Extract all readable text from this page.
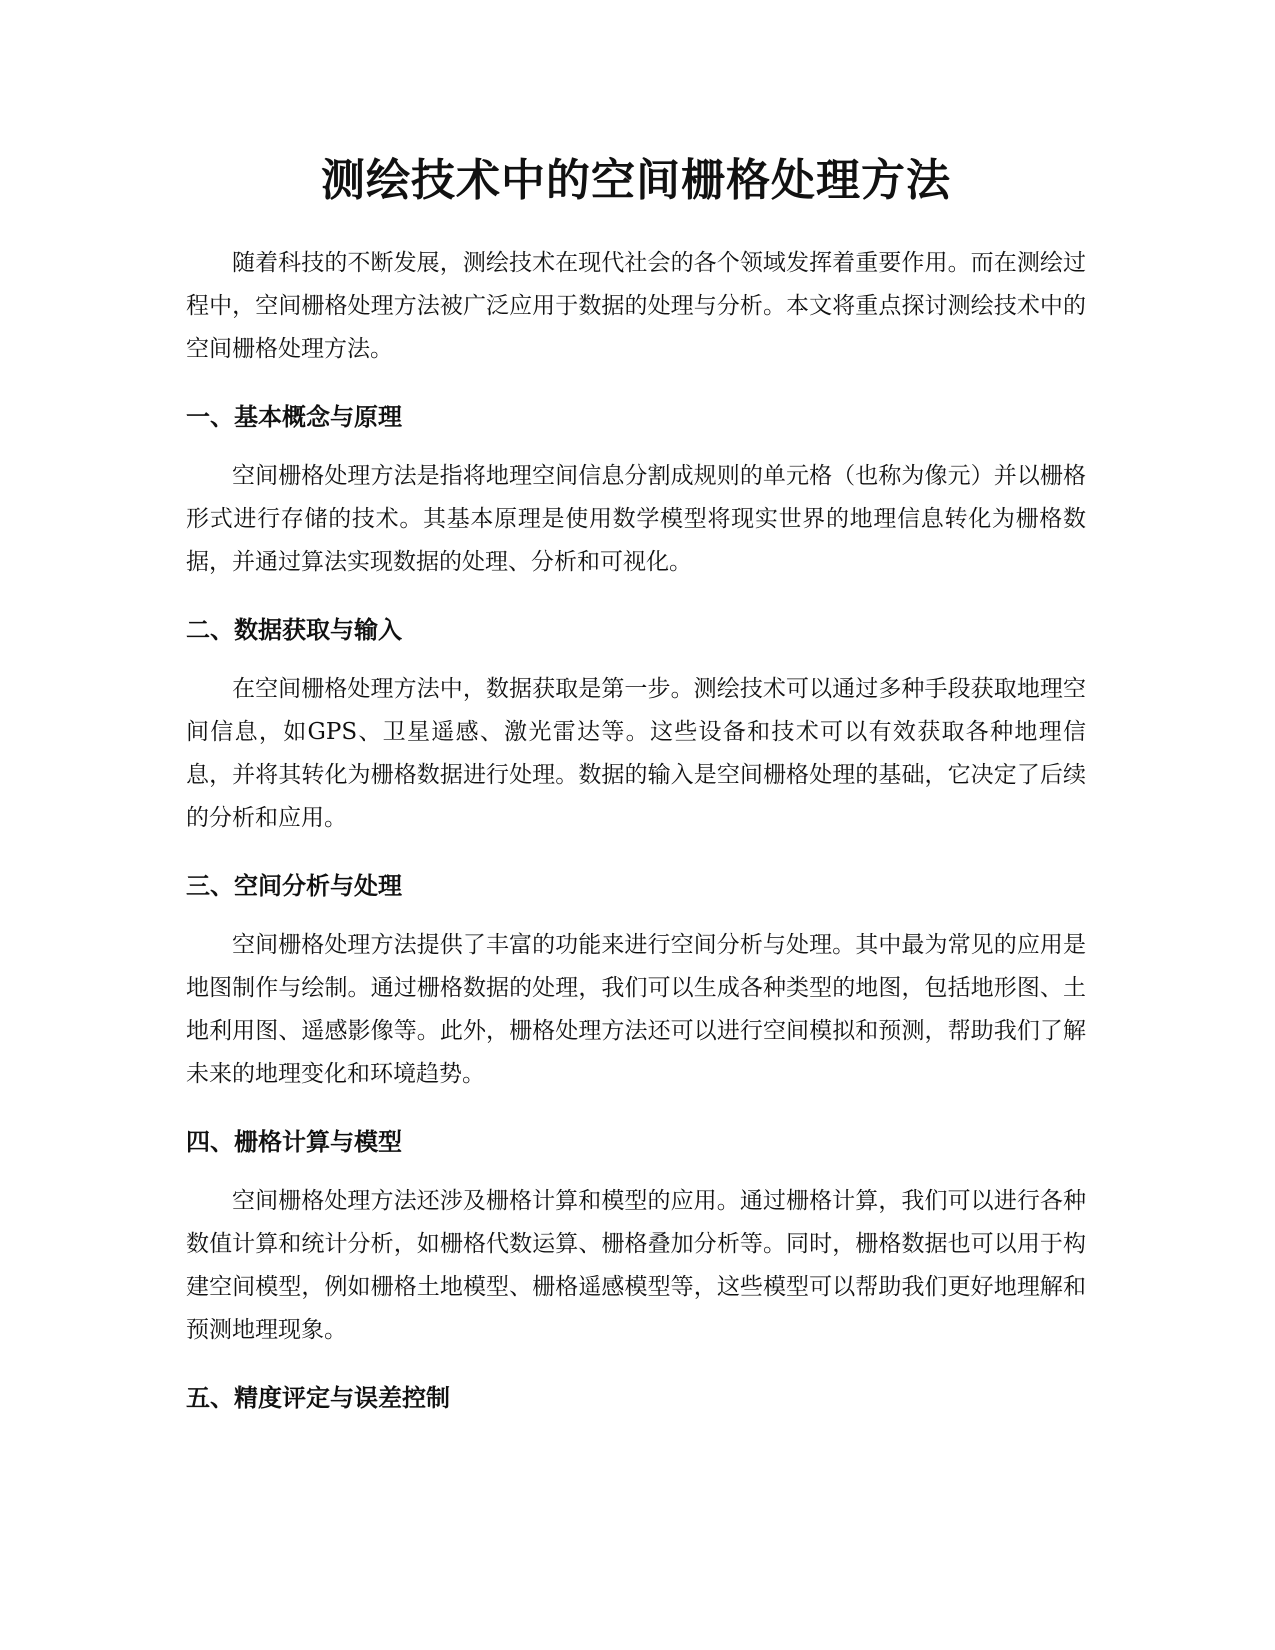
测绘技术中的空间栅格处理方法

随着科技的不断发展，测绘技术在现代社会的各个领域发挥着重要作用。而在测绘过程中，空间栅格处理方法被广泛应用于数据的处理与分析。本文将重点探讨测绘技术中的空间栅格处理方法。

一、基本概念与原理

空间栅格处理方法是指将地理空间信息分割成规则的单元格（也称为像元）并以栅格形式进行存储的技术。其基本原理是使用数学模型将现实世界的地理信息转化为栅格数据，并通过算法实现数据的处理、分析和可视化。

二、数据获取与输入

在空间栅格处理方法中，数据获取是第一步。测绘技术可以通过多种手段获取地理空间信息，如GPS、卫星遥感、激光雷达等。这些设备和技术可以有效获取各种地理信息，并将其转化为栅格数据进行处理。数据的输入是空间栅格处理的基础，它决定了后续的分析和应用。

三、空间分析与处理

空间栅格处理方法提供了丰富的功能来进行空间分析与处理。其中最为常见的应用是地图制作与绘制。通过栅格数据的处理，我们可以生成各种类型的地图，包括地形图、土地利用图、遥感影像等。此外，栅格处理方法还可以进行空间模拟和预测，帮助我们了解未来的地理变化和环境趋势。

四、栅格计算与模型

空间栅格处理方法还涉及栅格计算和模型的应用。通过栅格计算，我们可以进行各种数值计算和统计分析，如栅格代数运算、栅格叠加分析等。同时，栅格数据也可以用于构建空间模型，例如栅格土地模型、栅格遥感模型等，这些模型可以帮助我们更好地理解和预测地理现象。

五、精度评定与误差控制
